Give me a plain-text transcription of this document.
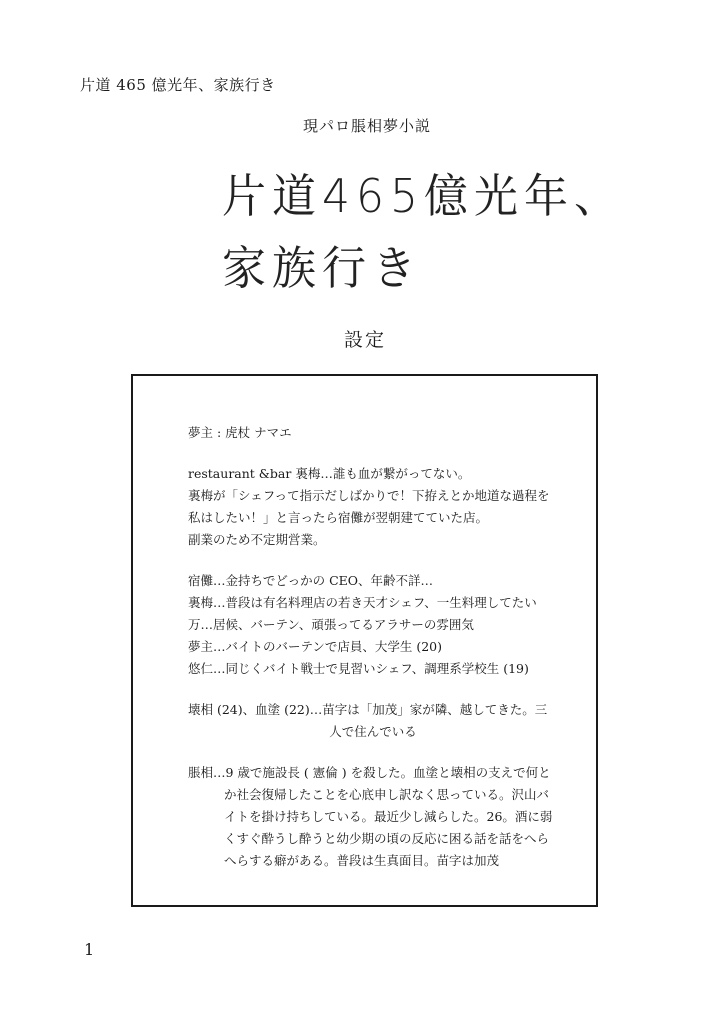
片道 465 億光年、家族行き
現パロ脹相夢小説
片道465億光年、
家族行き
設定

夢主 : 虎杖 ナマエ

restaurant &bar 裏梅…誰も血が繋がってない。
裏梅が「シェフって指示だしばかりで！下拵えとか地道な過程を
私はしたい！」と言ったら宿儺が翌朝建てていた店。
副業のため不定期営業。
宿儺…金持ちでどっかの CEO、年齢不詳…
裏梅…普段は有名料理店の若き天才シェフ、一生料理してたい
万…居候、バーテン、頑張ってるアラサーの雰囲気
夢主…バイトのバーテンで店員、大学生 (20)
悠仁…同じくバイト戦士で見習いシェフ、調理系学校生 (19)
壊相 (24)、血塗 (22)…苗字は「加茂」家が隣、越してきた。三
人で住んでいる
脹相…9 歳で施設長 ( 憲倫 ) を殺した。血塗と壊相の支えで何と
か社会復帰したことを心底申し訳なく思っている。沢山バ
イトを掛け持ちしている。最近少し減らした。26。酒に弱
くすぐ酔うし酔うと幼少期の頃の反応に困る話を話をへら
へらする癖がある。普段は生真面目。苗字は加茂
1
